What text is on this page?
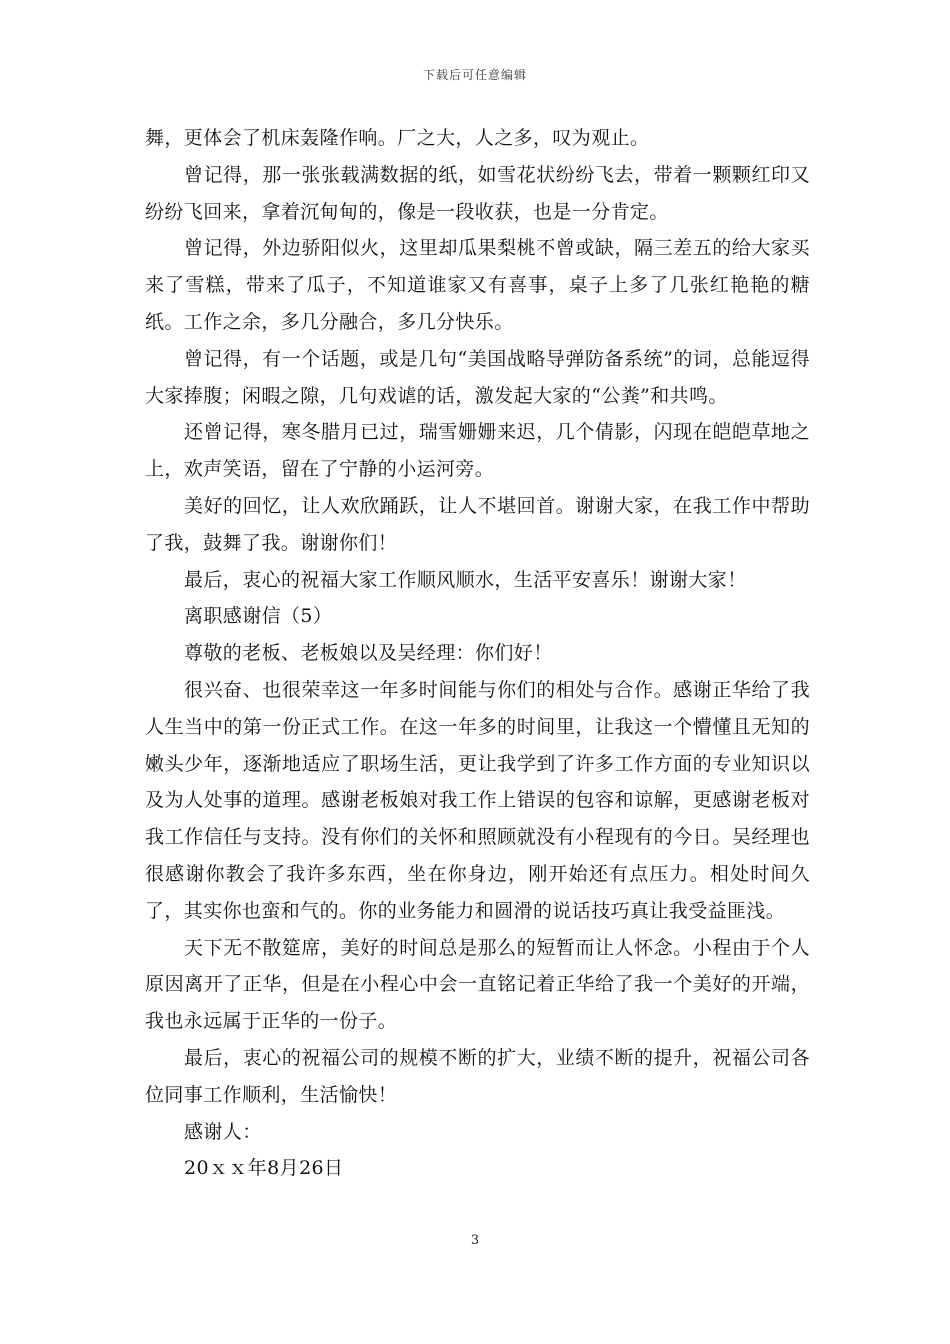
下载后可任意编辑

舞，更体会了机床轰隆作响。厂之大，人之多，叹为观止。

曾记得，那一张张载满数据的纸，如雪花状纷纷飞去，带着一颗颗红印又纷纷飞回来，拿着沉甸甸的，像是一段收获，也是一分肯定。

曾记得，外边骄阳似火，这里却瓜果梨桃不曾或缺，隔三差五的给大家买来了雪糕，带来了瓜子，不知道谁家又有喜事，桌子上多了几张红艳艳的糖纸。工作之余，多几分融合，多几分快乐。

曾记得，有一个话题，或是几句“美国战略导弹防备系统”的词，总能逗得大家捧腹；闲暇之隙，几句戏谑的话，激发起大家的“公粪”和共鸣。

还曾记得，寒冬腊月已过，瑞雪姗姗来迟，几个倩影，闪现在皑皑草地之上，欢声笑语，留在了宁静的小运河旁。

美好的回忆，让人欢欣踊跃，让人不堪回首。谢谢大家，在我工作中帮助了我，鼓舞了我。谢谢你们！

最后，衷心的祝福大家工作顺风顺水，生活平安喜乐！谢谢大家！

离职感谢信（5）

尊敬的老板、老板娘以及吴经理：你们好！

很兴奋、也很荣幸这一年多时间能与你们的相处与合作。感谢正华给了我人生当中的第一份正式工作。在这一年多的时间里，让我这一个懵懂且无知的嫩头少年，逐渐地适应了职场生活，更让我学到了许多工作方面的专业知识以及为人处事的道理。感谢老板娘对我工作上错误的包容和谅解，更感谢老板对我工作信任与支持。没有你们的关怀和照顾就没有小程现有的今日。吴经理也很感谢你教会了我许多东西，坐在你身边，刚开始还有点压力。相处时间久了，其实你也蛮和气的。你的业务能力和圆滑的说话技巧真让我受益匪浅。

天下无不散筵席，美好的时间总是那么的短暂而让人怀念。小程由于个人原因离开了正华，但是在小程心中会一直铭记着正华给了我一个美好的开端，我也永远属于正华的一份子。

最后，衷心的祝福公司的规模不断的扩大，业绩不断的提升，祝福公司各位同事工作顺利，生活愉快！

感谢人：

20ｘｘ年8月26日

3
